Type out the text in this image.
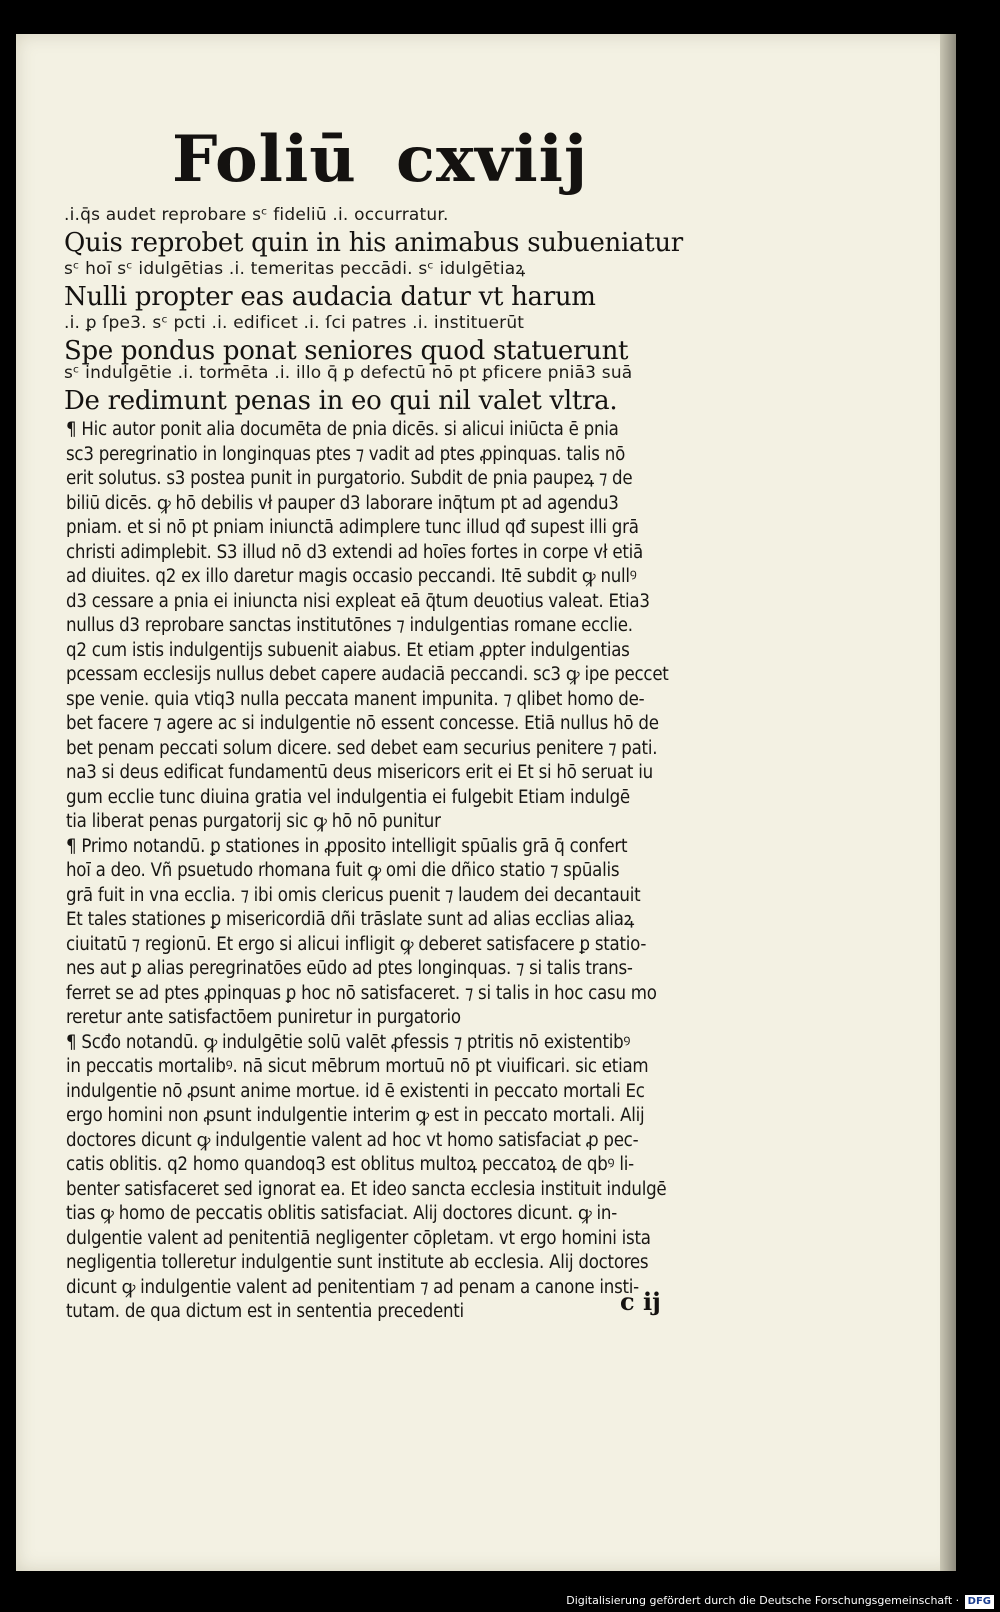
Foliū cxviij
.i.q̄s audet reprobare sᶜ fideliū .i. occurratur.
Quis reprobet quin in his animabus subueniatur
sᶜ hoī sᶜ idulgētias .i. temeritas peccādi. sᶜ idulgētiaꝝ
Nulli propter eas audacia datur vt harum
.i. ꝑ ſpe3. sᶜ pcti .i. edificet .i. ſci patres .i. instituerūt
Spe pondus ponat seniores quod statuerunt
sᶜ indulgētie .i. tormēta .i. illo q̄ ꝑ defectū nō pt ꝑficere pniā3 suā
De redimunt penas in eo qui nil valet vltra.
¶ Hic autor ponit alia documēta de pnia dicēs. si alicui iniūcta ē pnia
sc3 peregrinatio in longinquas ptes ⁊ vadit ad ptes ꝓpinquas. talis nō
erit solutus. s3 postea punit in purgatorio. Subdit de pnia paupeꝝ ⁊ de
biliū dicēs. ꝙ hō debilis vł pauper d3 laborare inq̄tum pt ad agendu3
pniam. et si nō pt pniam iniunctā adimplere tunc illud qđ supest illi grā
christi adimplebit. S3 illud nō d3 extendi ad hoīes fortes in corpe vł etiā
ad diuites. q2 ex illo daretur magis occasio peccandi. Itē subdit ꝙ nullꝰ
d3 cessare a pnia ei iniuncta nisi expleat eā q̄tum deuotius valeat. Etia3
nullus d3 reprobare sanctas institutōnes ⁊ indulgentias romane ecclie.
q2 cum istis indulgentijs subuenit aiabus. Et etiam ꝓpter indulgentias
pcessam ecclesijs nullus debet capere audaciā peccandi. sc3 ꝙ ipe peccet
spe venie. quia vtiq3 nulla peccata manent impunita. ⁊ qlibet homo de-
bet facere ⁊ agere ac si indulgentie nō essent concesse. Etiā nullus hō de
bet penam peccati solum dicere. sed debet eam securius penitere ⁊ pati.
na3 si deus edificat fundamentū deus misericors erit ei Et si hō seruat iu
gum ecclie tunc diuina gratia vel indulgentia ei fulgebit Etiam indulgē
tia liberat penas purgatorij sic ꝙ hō nō punitur
¶ Primo notandū. ꝑ stationes in ꝓposito intelligit spūalis grā q̄ confert
hoī a deo. Vñ psuetudo rhomana fuit ꝙ omi die dñico statio ⁊ spūalis
grā fuit in vna ecclia. ⁊ ibi omis clericus puenit ⁊ laudem dei decantauit
Et tales stationes ꝑ misericordiā dñi trāslate sunt ad alias ecclias aliaꝝ
ciuitatū ⁊ regionū. Et ergo si alicui infligit ꝙ deberet satisfacere ꝑ statio-
nes aut ꝑ alias peregrinatōes eūdo ad ptes longinquas. ⁊ si talis trans-
ferret se ad ptes ꝓpinquas ꝑ hoc nō satisfaceret. ⁊ si talis in hoc casu mo
reretur ante satisfactōem puniretur in purgatorio
¶ Scđo notandū. ꝙ indulgētie solū valēt ꝓfessis ⁊ ptritis nō existentibꝰ
in peccatis mortalibꝰ. nā sicut mēbrum mortuū nō pt viuificari. sic etiam
indulgentie nō ꝓsunt anime mortue. id ē existenti in peccato mortali Ec
ergo homini non ꝓsunt indulgentie interim ꝙ est in peccato mortali. Alij
doctores dicunt ꝙ indulgentie valent ad hoc vt homo satisfaciat ꝓ pec-
catis oblitis. q2 homo quandoq3 est oblitus multoꝝ peccatoꝝ de qbꝰ li-
benter satisfaceret sed ignorat ea. Et ideo sancta ecclesia instituit indulgē
tias ꝙ homo de peccatis oblitis satisfaciat. Alij doctores dicunt. ꝙ in-
dulgentie valent ad penitentiā negligenter cōpletam. vt ergo homini ista
negligentia tolleretur indulgentie sunt institute ab ecclesia. Alij doctores
dicunt ꝙ indulgentie valent ad penitentiam ⁊ ad penam a canone insti-
tutam. de qua dictum est in sententia precedenti	c ij
Digitalisierung gefördert durch die Deutsche Forschungsgemeinschaft · DFG
